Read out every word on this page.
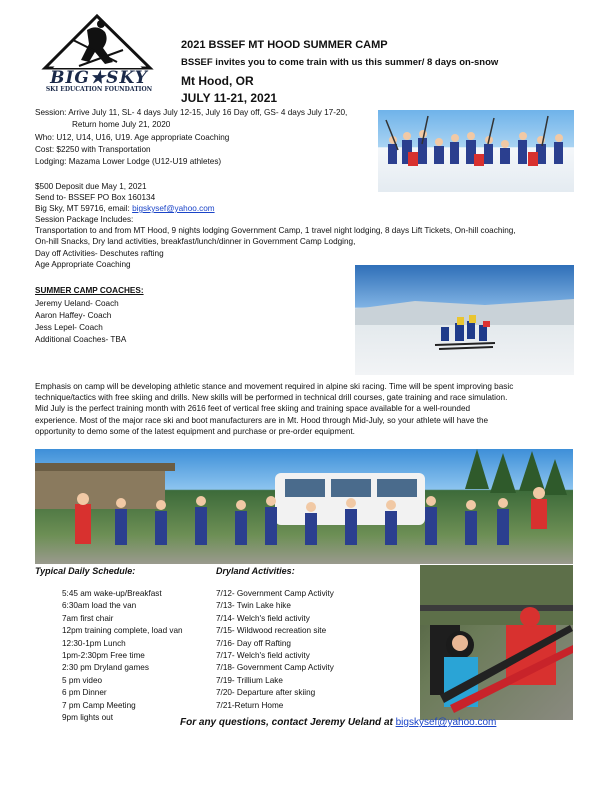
BIG★SKY
SKI EDUCATION FOUNDATION
2021 BSSEF MT HOOD SUMMER CAMP
BSSEF invites you to come train with us this summer/ 8 days on-snow
Mt Hood, OR
JULY 11-21, 2021
Session: Arrive July 11, SL- 4 days July 12-15, July 16 Day off, GS- 4 days July 17-20,
Return home July 21, 2020
Who: U12, U14, U16, U19. Age appropriate Coaching
Cost: $2250 with Transportation
Lodging: Mazama Lower Lodge (U12-U19 athletes)
$500 Deposit due May 1, 2021
Send to- BSSEF PO Box 160134
Big Sky, MT 59716, email: bigskysef@yahoo.com
Session Package Includes:
Transportation to and from MT Hood, 9 nights lodging Government Camp, 1 travel night lodging, 8 days Lift Tickets, On-hill coaching,
On-hill Snacks, Dry land activities, breakfast/lunch/dinner in Government Camp Lodging,
Day off Activities- Deschutes rafting
Age Appropriate Coaching
SUMMER CAMP COACHES:
Jeremy Ueland- Coach
Aaron Haffey- Coach
Jess Lepel- Coach
Additional Coaches- TBA
Emphasis on camp will be developing athletic stance and movement required in alpine ski racing. Time will be spent improving basic
technique/tactics with free skiing and drills. New skills will be performed in technical drill courses, gate training and race simulation.
Mid July is the perfect training month with 2616 feet of vertical free skiing and training space available for a well-rounded
experience. Most of the major race ski and boot manufacturers are in Mt. Hood through Mid-July, so your athlete will have the
opportunity to demo some of the latest equipment and purchase or pre-order equipment.
Typical Daily Schedule:
5:45 am wake-up/Breakfast
6:30am load the van
7am first chair
12pm training complete, load van
12:30-1pm Lunch
1pm-2:30pm Free time
2:30 pm Dryland games
5 pm video
6 pm Dinner
7 pm Camp Meeting
9pm lights out
Dryland Activities:
7/12- Government Camp Activity
7/13- Twin Lake hike
7/14- Welch's field activity
7/15- Wildwood recreation site
7/16- Day off Rafting
7/17- Welch's field activity
7/18- Government Camp Activity
7/19- Trillium Lake
7/20- Departure after skiing
7/21-Return Home
For any questions, contact Jeremy Ueland at bigskysef@yahoo.com
